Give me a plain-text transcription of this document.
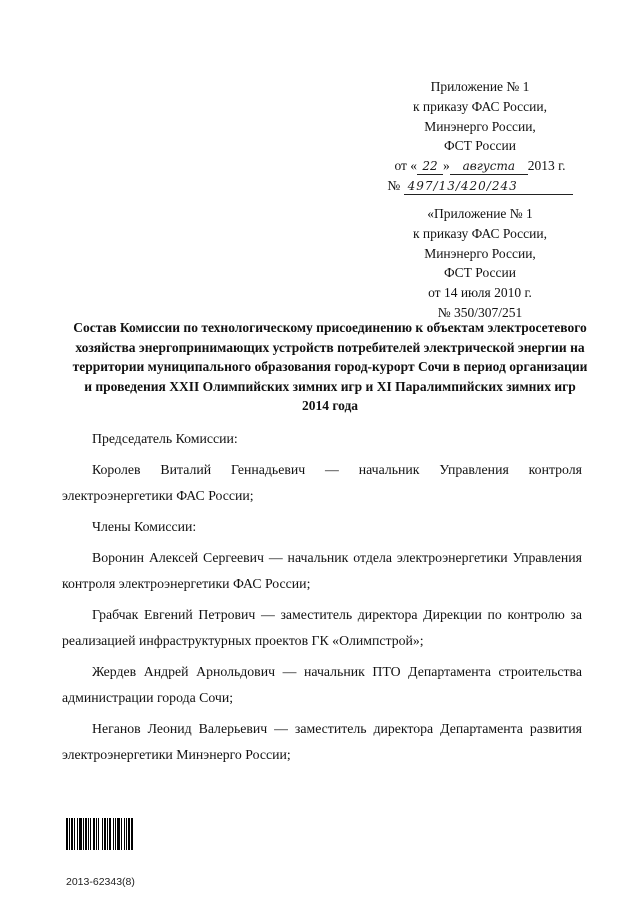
Приложение № 1
к приказу ФАС России,
Минэнерго России,
ФСТ России
от « 22 »	августа 2013 г.
№
497/13/420/243
«Приложение № 1
к приказу ФАС России,
Минэнерго России,
ФСТ России
от 14 июля 2010 г.
№ 350/307/251
Состав Комиссии по технологическому присоединению к объектам электросетевого хозяйства энергопринимающих устройств потребителей электрической энергии на территории муниципального образования город-курорт Сочи в период организации и проведения XXII Олимпийских зимних игр и XI Паралимпийских зимних игр 2014 года

Председатель Комиссии:

Королев Виталий Геннадьевич — начальник Управления контроля электроэнергетики ФАС России;

Члены Комиссии:

Воронин Алексей Сергеевич — начальник отдела электроэнергетики Управления контроля электроэнергетики ФАС России;

Грабчак Евгений Петрович — заместитель директора Дирекции по контролю за реализацией инфраструктурных проектов ГК «Олимпстрой»;

Жердев Андрей Арнольдович — начальник ПТО Департамента строительства администрации города Сочи;

Неганов Леонид Валерьевич — заместитель директора Департамента развития электроэнергетики Минэнерго России;

2013-62343(8)
